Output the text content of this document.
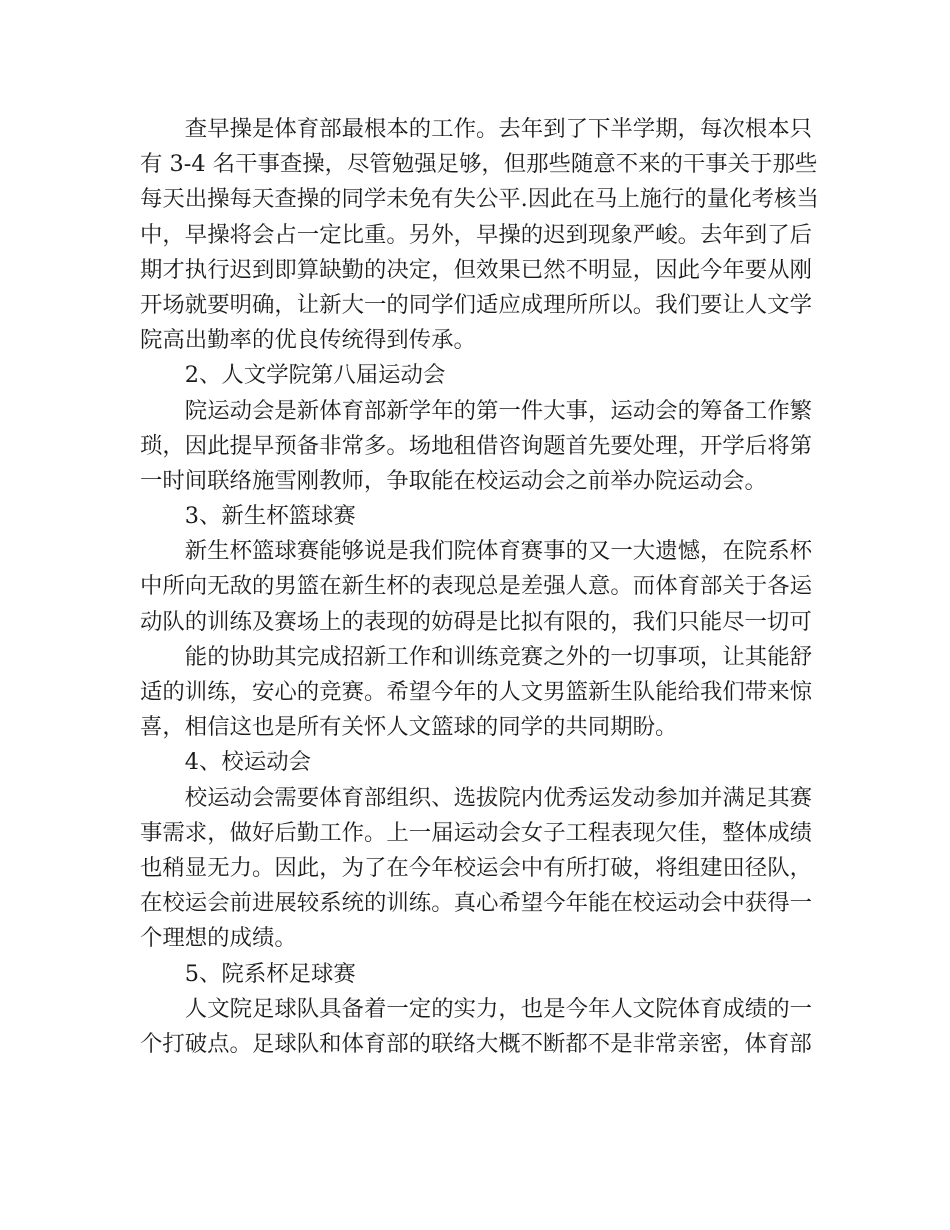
查早操是体育部最根本的工作。去年到了下半学期，每次根本只
有 3-4 名干事查操，尽管勉强足够，但那些随意不来的干事关于那些
每天出操每天查操的同学未免有失公平.因此在马上施行的量化考核当
中，早操将会占一定比重。另外，早操的迟到现象严峻。去年到了后
期才执行迟到即算缺勤的决定，但效果已然不明显，因此今年要从刚
开场就要明确，让新大一的同学们适应成理所所以。我们要让人文学
院高出勤率的优良传统得到传承。
2、人文学院第八届运动会
院运动会是新体育部新学年的第一件大事，运动会的筹备工作繁
琐，因此提早预备非常多。场地租借咨询题首先要处理，开学后将第
一时间联络施雪刚教师，争取能在校运动会之前举办院运动会。
3、新生杯篮球赛
新生杯篮球赛能够说是我们院体育赛事的又一大遗憾，在院系杯
中所向无敌的男篮在新生杯的表现总是差强人意。而体育部关于各运
动队的训练及赛场上的表现的妨碍是比拟有限的，我们只能尽一切可
能的协助其完成招新工作和训练竞赛之外的一切事项，让其能舒
适的训练，安心的竞赛。希望今年的人文男篮新生队能给我们带来惊
喜，相信这也是所有关怀人文篮球的同学的共同期盼。
4、校运动会
校运动会需要体育部组织、选拔院内优秀运发动参加并满足其赛
事需求，做好后勤工作。上一届运动会女子工程表现欠佳，整体成绩
也稍显无力。因此，为了在今年校运会中有所打破，将组建田径队，
在校运会前进展较系统的训练。真心希望今年能在校运动会中获得一
个理想的成绩。
5、院系杯足球赛
人文院足球队具备着一定的实力，也是今年人文院体育成绩的一
个打破点。足球队和体育部的联络大概不断都不是非常亲密，体育部
